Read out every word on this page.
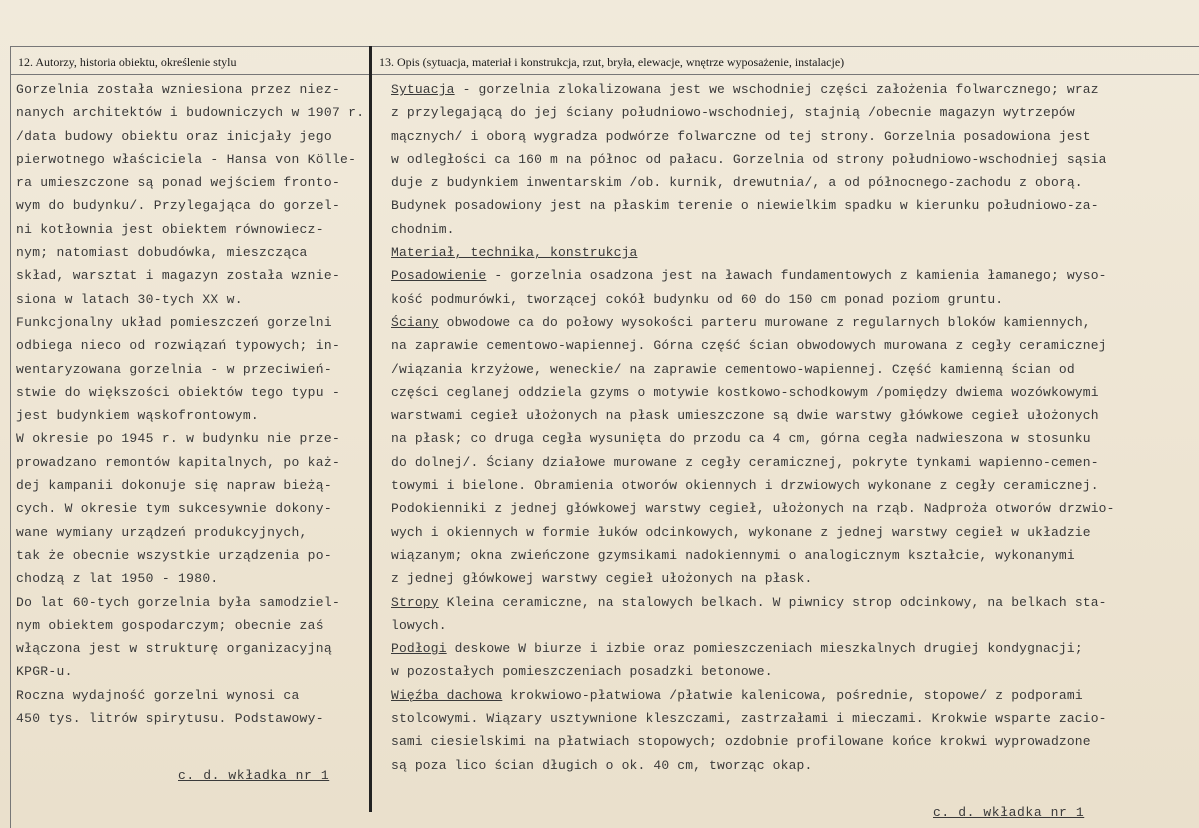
12. Autorzy, historia obiektu, określenie stylu	13. Opis (sytuacja, materiał i konstrukcja, rzut, bryła, elewacje, wnętrze wyposażenie, instalacje)
Gorzelnia została wzniesiona przez niez-
nanych architektów i budowniczych w 1907 r.
/data budowy obiektu oraz inicjały jego
pierwotnego właściciela - Hansa von Kölle-
ra umieszczone są ponad wejściem fronto-
wym do budynku/. Przylegająca do gorzel-
ni kotłownia jest obiektem równowiecz-
nym; natomiast dobudówka, mieszcząca
skład, warsztat i magazyn została wznie-
siona w latach 30-tych XX w.
Funkcjonalny układ pomieszczeń gorzelni
odbiega nieco od rozwiązań typowych; in-
wentaryzowana gorzelnia - w przeciwień-
stwie do większości obiektów tego typu -
jest budynkiem wąskofrontowym.
W okresie po 1945 r. w budynku nie prze-
prowadzano remontów kapitalnych, po każ-
dej kampanii dokonuje się napraw bieżą-
cych. W okresie tym sukcesywnie dokony-
wane wymiany urządzeń produkcyjnych,
tak że obecnie wszystkie urządzenia po-
chodzą z lat 1950 - 1980.
Do lat 60-tych gorzelnia była samodziel-
nym obiektem gospodarczym; obecnie zaś
włączona jest w strukturę organizacyjną
KPGR-u.
Roczna wydajność gorzelni wynosi ca
450 tys. litrów spirytusu. Podstawowy-
Sytuacja - gorzelnia zlokalizowana jest we wschodniej części założenia folwarcznego; wraz
z przylegającą do jej ściany południowo-wschodniej, stajnią /obecnie magazyn wytrzepów
mącznych/ i oborą wygradza podwórze folwarczne od tej strony. Gorzelnia posadowiona jest
w odległości ca 160 m na północ od pałacu. Gorzelnia od strony południowo-wschodniej sąsia
duje z budynkiem inwentarskim /ob. kurnik, drewutnia/, a od północnego-zachodu z oborą.
Budynek posadowiony jest na płaskim terenie o niewielkim spadku w kierunku południowo-za-
chodnim.
Materiał, technika, konstrukcja
Posadowienie - gorzelnia osadzona jest na ławach fundamentowych z kamienia łamanego; wyso-
kość podmurówki, tworzącej cokół budynku od 60 do 150 cm ponad poziom gruntu.
Ściany obwodowe ca do połowy wysokości parteru murowane z regularnych bloków kamiennych,
na zaprawie cementowo-wapiennej. Górna część ścian obwodowych murowana z cegły ceramicznej
/wiązania krzyżowe, weneckie/ na zaprawie cementowo-wapiennej. Część kamienną ścian od
części ceglanej oddziela gzyms o motywie kostkowo-schodkowym /pomiędzy dwiema wozówkowymi
warstwami cegieł ułożonych na płask umieszczone są dwie warstwy główkowe cegieł ułożonych
na płask; co druga cegła wysunięta do przodu ca 4 cm, górna cegła nadwieszona w stosunku
do dolnej/. Ściany działowe murowane z cegły ceramicznej, pokryte tynkami wapienno-cemen-
towymi i bielone. Obramienia otworów okiennych i drzwiowych wykonane z cegły ceramicznej.
Podokienniki z jednej główkowej warstwy cegieł, ułożonych na rząb. Nadproża otworów drzwio-
wych i okiennych w formie łuków odcinkowych, wykonane z jednej warstwy cegieł w układzie
wiązanym; okna zwieńczone gzymsikami nadokiennymi o analogicznym kształcie, wykonanymi
z jednej główkowej warstwy cegieł ułożonych na płask.
Stropy Kleina ceramiczne, na stalowych belkach. W piwnicy strop odcinkowy, na belkach sta-
lowych.
Podłogi deskowe W biurze i izbie oraz pomieszczeniach mieszkalnych drugiej kondygnacji;
w pozostałych pomieszczeniach posadzki betonowe.
Więźba dachowa krokwiowo-płatwiowa /płatwie kalenicowa, pośrednie, stopowe/ z podporami
stolcowymi. Wiązary usztywnione kleszczami, zastrzałami i mieczami. Krokwie wsparte zacio-
sami ciesielskimi na płatwiach stopowych; ozdobnie profilowane końce krokwi wyprowadzone
są poza lico ścian długich o ok. 40 cm, tworząc okap.
c. d. wkładka nr 1
c. d. wkładka nr 1
